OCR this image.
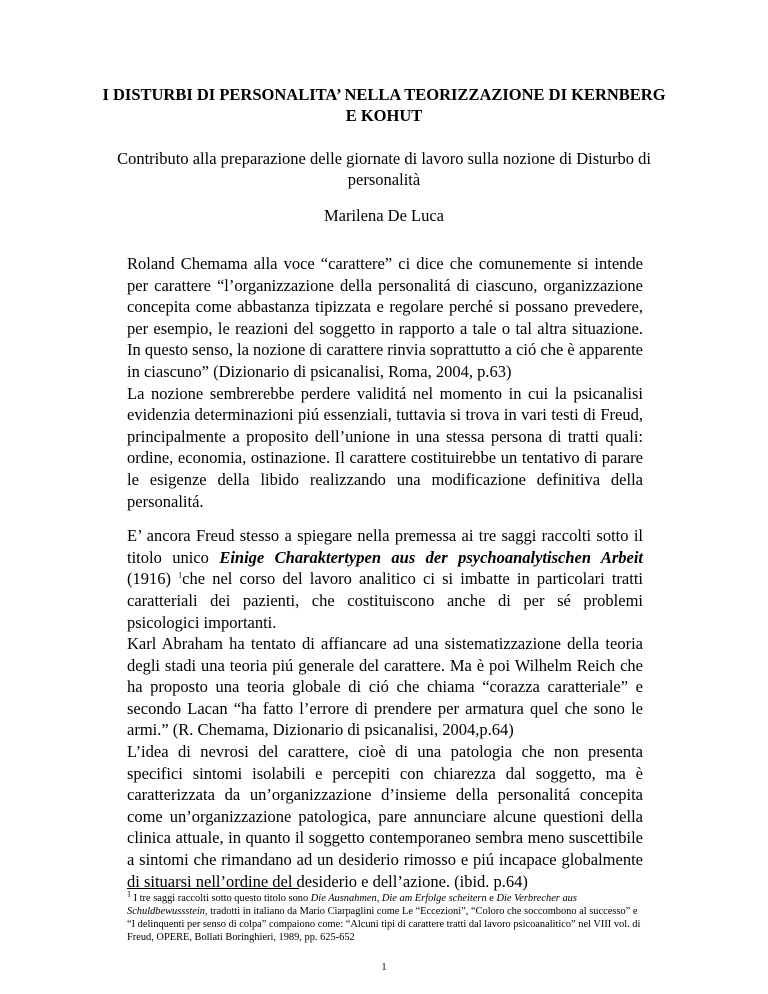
I DISTURBI DI PERSONALITA’ NELLA TEORIZZAZIONE DI KERNBERG E KOHUT
Contributo alla preparazione delle giornate di lavoro sulla nozione di Disturbo di personalità
Marilena De Luca

Roland Chemama alla voce “carattere” ci dice che comunemente si intende per carattere “l’organizzazione della personalitá di ciascuno, organizzazione concepita come abbastanza tipizzata e regolare perché si possano prevedere, per esempio, le reazioni del soggetto in rapporto a tale o tal altra situazione. In questo senso, la nozione di carattere rinvia soprattutto a ció che è apparente in ciascuno” (Dizionario di psicanalisi, Roma, 2004, p.63)

La nozione sembrerebbe perdere validitá nel momento in cui la psicanalisi evidenzia determinazioni piú essenziali, tuttavia si trova in vari testi di Freud, principalmente a proposito dell’unione in una stessa persona di tratti quali: ordine, economia, ostinazione. Il carattere costituirebbe un tentativo di parare le esigenze della libido realizzando una modificazione definitiva della personalitá.

E’ ancora Freud stesso a spiegare nella premessa ai tre saggi raccolti sotto il titolo unico Einige Charaktertypen aus der psychoanalytischen Arbeit (1916) $^1$che nel corso del lavoro analitico ci si imbatte in particolari tratti caratteriali dei pazienti, che costituiscono anche di per sé problemi psicologici importanti.

Karl Abraham ha tentato di affiancare ad una sistematizzazione della teoria degli stadi una teoria piú generale del carattere. Ma è poi Wilhelm Reich che ha proposto una teoria globale di ció che chiama “corazza caratteriale” e secondo Lacan “ha fatto l’errore di prendere per armatura quel che sono le armi.” (R. Chemama, Dizionario di psicanalisi, 2004,p.64)

L’idea di nevrosi del carattere, cioè di una patologia che non presenta specifici sintomi isolabili e percepiti con chiarezza dal soggetto, ma è caratterizzata da un’organizzazione d’insieme della personalitá concepita come un’organizzazione patologica, pare annunciare alcune questioni della clinica attuale, in quanto il soggetto contemporaneo sembra meno suscettibile a sintomi che rimandano ad un desiderio rimosso e piú incapace globalmente di situarsi nell’ordine del desiderio e dell’azione. (ibid. p.64)

$^1$ I tre saggi raccolti sotto questo titolo sono Die Ausnahmen, Die am Erfolge scheitern e Die Verbrecher aus Schuldbewussstein, tradotti in italiano da Mario Ciarpaglini come Le “Eccezioni”, “Coloro che soccombono al successo” e “I delinquenti per senso di colpa” compaiono come: “Alcuni tipi di carattere tratti dal lavoro psicoanalitico” nel VIII vol. di Freud, OPERE, Bollati Boringhieri, 1989, pp. 625-652
1
